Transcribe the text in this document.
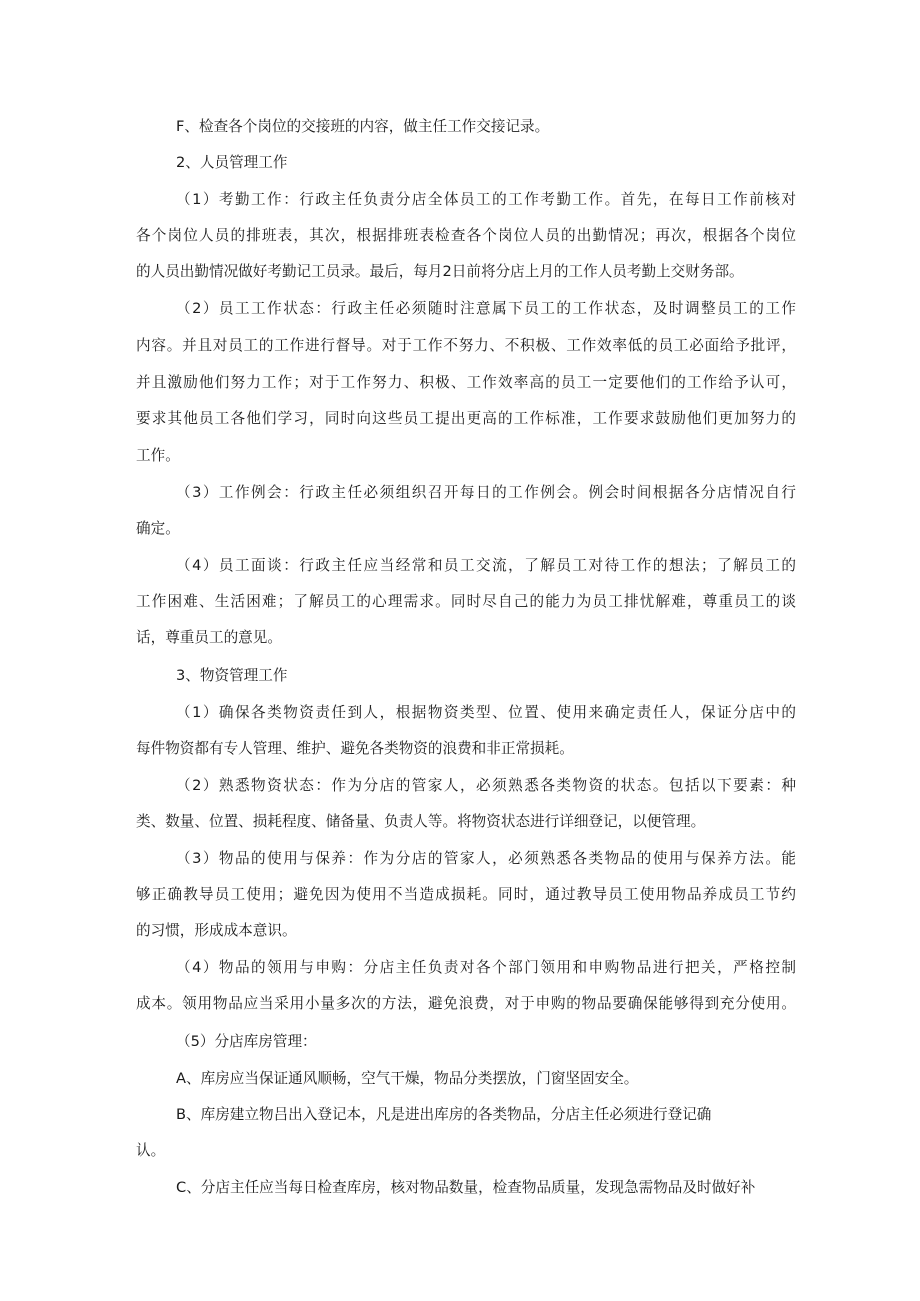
F、检查各个岗位的交接班的内容，做主任工作交接记录。
2、人员管理工作
（1）考勤工作：行政主任负责分店全体员工的工作考勤工作。首先，在每日工作前核对
各个岗位人员的排班表，其次，根据排班表检查各个岗位人员的出勤情况；再次，根据各个岗位
的人员出勤情况做好考勤记工员录。最后，每月2日前将分店上月的工作人员考勤上交财务部。
（2）员工工作状态：行政主任必须随时注意属下员工的工作状态，及时调整员工的工作
内容。并且对员工的工作进行督导。对于工作不努力、不积极、工作效率低的员工必面给予批评，
并且激励他们努力工作；对于工作努力、积极、工作效率高的员工一定要他们的工作给予认可，
要求其他员工各他们学习，同时向这些员工提出更高的工作标准，工作要求鼓励他们更加努力的
工作。
（3）工作例会：行政主任必须组织召开每日的工作例会。例会时间根据各分店情况自行
确定。
（4）员工面谈：行政主任应当经常和员工交流，了解员工对待工作的想法；了解员工的
工作困难、生活困难；了解员工的心理需求。同时尽自己的能力为员工排忧解难，尊重员工的谈
话，尊重员工的意见。
3、物资管理工作
（1）确保各类物资责任到人，根据物资类型、位置、使用来确定责任人，保证分店中的
每件物资都有专人管理、维护、避免各类物资的浪费和非正常损耗。
（2）熟悉物资状态：作为分店的管家人，必须熟悉各类物资的状态。包括以下要素：种
类、数量、位置、损耗程度、储备量、负责人等。将物资状态进行详细登记，以便管理。
（3）物品的使用与保养：作为分店的管家人，必须熟悉各类物品的使用与保养方法。能
够正确教导员工使用；避免因为使用不当造成损耗。同时，通过教导员工使用物品养成员工节约
的习惯，形成成本意识。
（4）物品的领用与申购：分店主任负责对各个部门领用和申购物品进行把关，严格控制
成本。领用物品应当采用小量多次的方法，避免浪费，对于申购的物品要确保能够得到充分使用。
（5）分店库房管理：
A、库房应当保证通风顺畅，空气干燥，物品分类摆放，门窗坚固安全。
B、库房建立物吕出入登记本，凡是进出库房的各类物品，分店主任必须进行登记确
认。
C、分店主任应当每日检查库房，核对物品数量，检查物品质量，发现急需物品及时做好补
